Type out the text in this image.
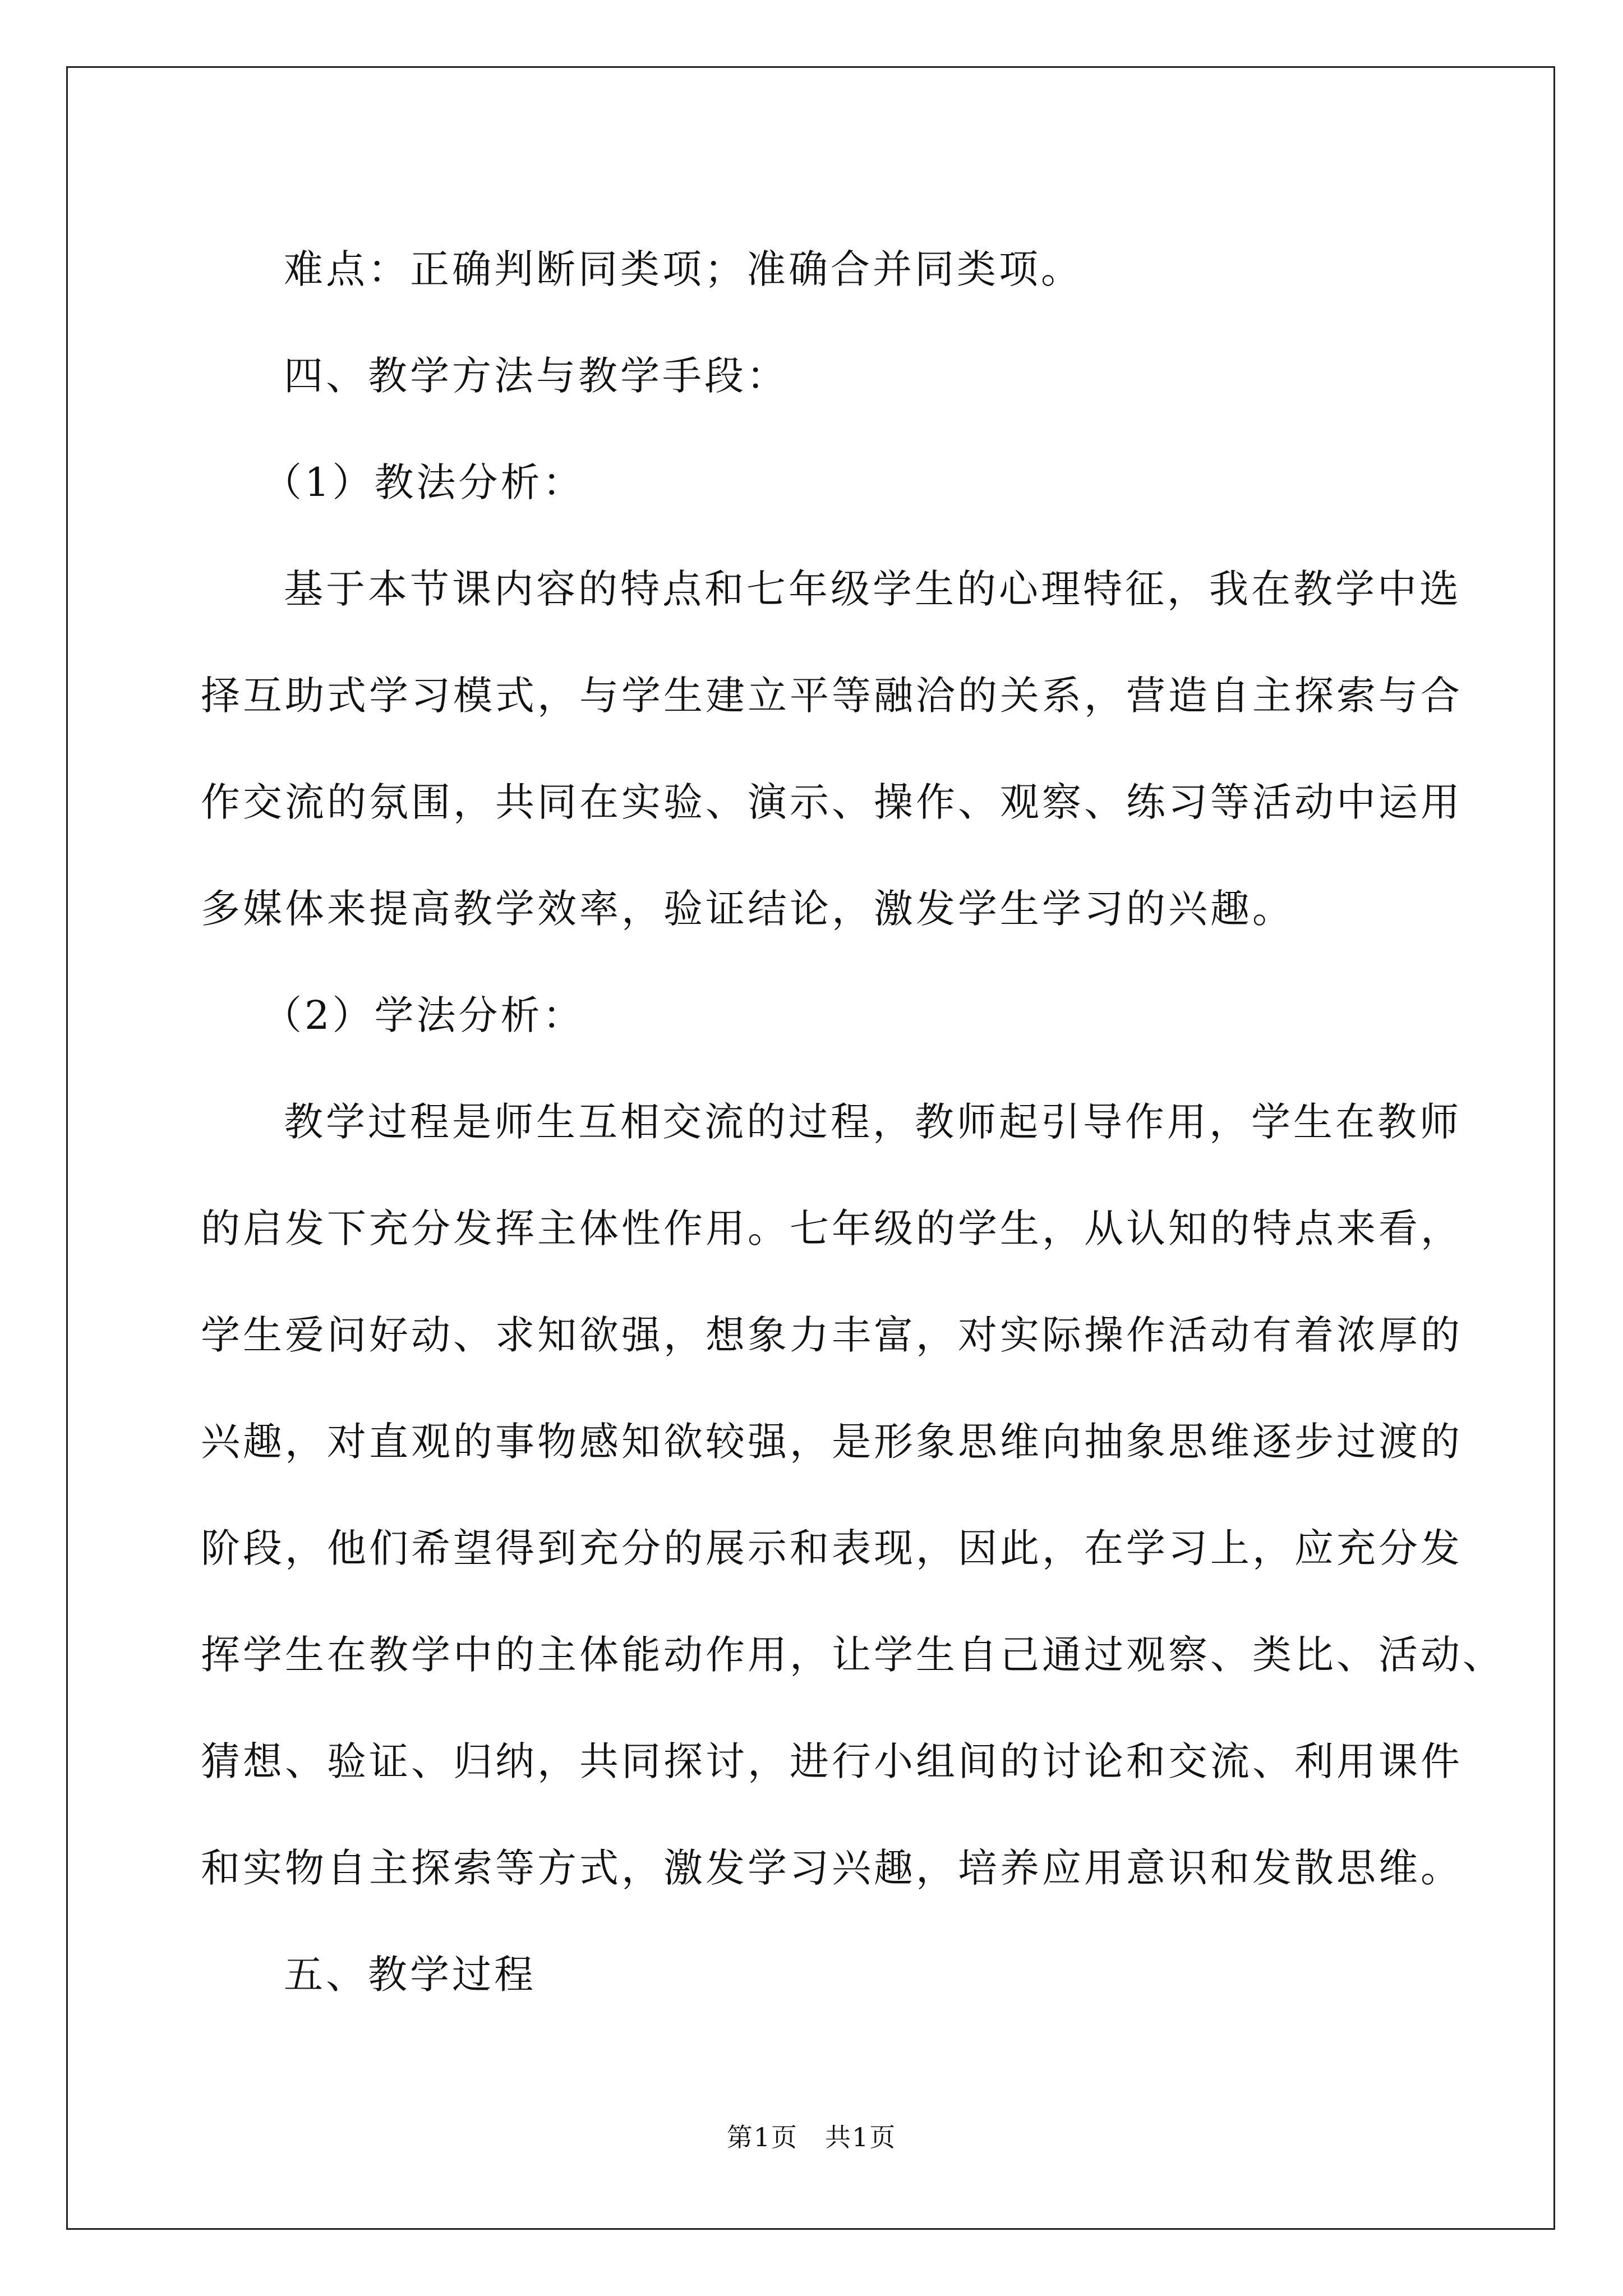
难点：正确判断同类项；准确合并同类项。
四、教学方法与教学手段：
（1）教法分析：
基于本节课内容的特点和七年级学生的心理特征，我在教学中选
择互助式学习模式，与学生建立平等融洽的关系，营造自主探索与合
作交流的氛围，共同在实验、演示、操作、观察、练习等活动中运用
多媒体来提高教学效率，验证结论，激发学生学习的兴趣。
（2）学法分析：
教学过程是师生互相交流的过程，教师起引导作用，学生在教师
的启发下充分发挥主体性作用。七年级的学生，从认知的特点来看，
学生爱问好动、求知欲强，想象力丰富，对实际操作活动有着浓厚的
兴趣，对直观的事物感知欲较强，是形象思维向抽象思维逐步过渡的
阶段，他们希望得到充分的展示和表现，因此，在学习上，应充分发
挥学生在教学中的主体能动作用，让学生自己通过观察、类比、活动、
猜想、验证、归纳，共同探讨，进行小组间的讨论和交流、利用课件
和实物自主探索等方式，激发学习兴趣，培养应用意识和发散思维。
五、教学过程

第1页 共1页
